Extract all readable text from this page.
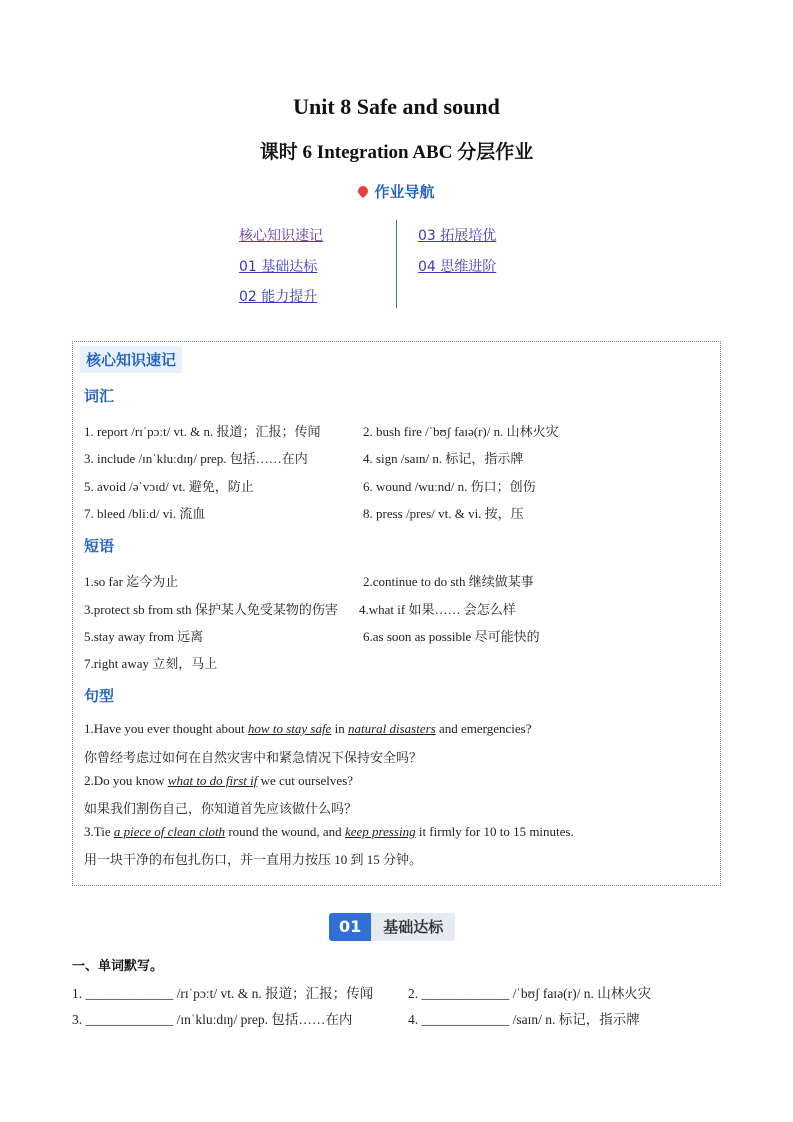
Unit 8 Safe and sound
课时 6 Integration ABC 分层作业
作业导航
核心知识速记
01 基础达标
02 能力提升
03 拓展培优
04 思维进阶
核心知识速记
词汇
1. report /rɪˈpɔːt/ vt. & n. 报道；汇报；传闻	2. bush fire /ˈbʊʃ faɪə(r)/ n. 山林火灾
3. include /ɪnˈkluːdɪŋ/ prep. 包括……在内	4. sign /saɪn/ n. 标记，指示牌
5. avoid /əˈvɔɪd/ vt. 避免，防止	6. wound /wuːnd/ n. 伤口；创伤
7. bleed /bliːd/ vi. 流血	8. press /pres/ vt. & vi. 按，压
短语
1.so far 迄今为止	2.continue to do sth 继续做某事
3.protect sb from sth 保护某人免受某物的伤害 4.what if 如果…… 会怎么样
5.stay away from 远离	6.as soon as possible 尽可能快的
7.right away 立刻，马上
句型
1.Have you ever thought about how to stay safe in natural disasters and emergencies?
你曾经考虑过如何在自然灾害中和紧急情况下保持安全吗？
2.Do you know what to do first if we cut ourselves?
如果我们割伤自己，你知道首先应该做什么吗？
3.Tie a piece of clean cloth round the wound, and keep pressing it firmly for 10 to 15 minutes.
用一块干净的布包扎伤口，并一直用力按压 10 到 15 分钟。
01	基础达标
一、单词默写。
1. _____________ /rɪˈpɔːt/ vt. & n. 报道；汇报；传闻	2. _____________ /ˈbʊʃ faɪə(r)/ n. 山林火灾
3. _____________ /ɪnˈkluːdɪŋ/ prep. 包括……在内	4. _____________ /saɪn/ n. 标记，指示牌
